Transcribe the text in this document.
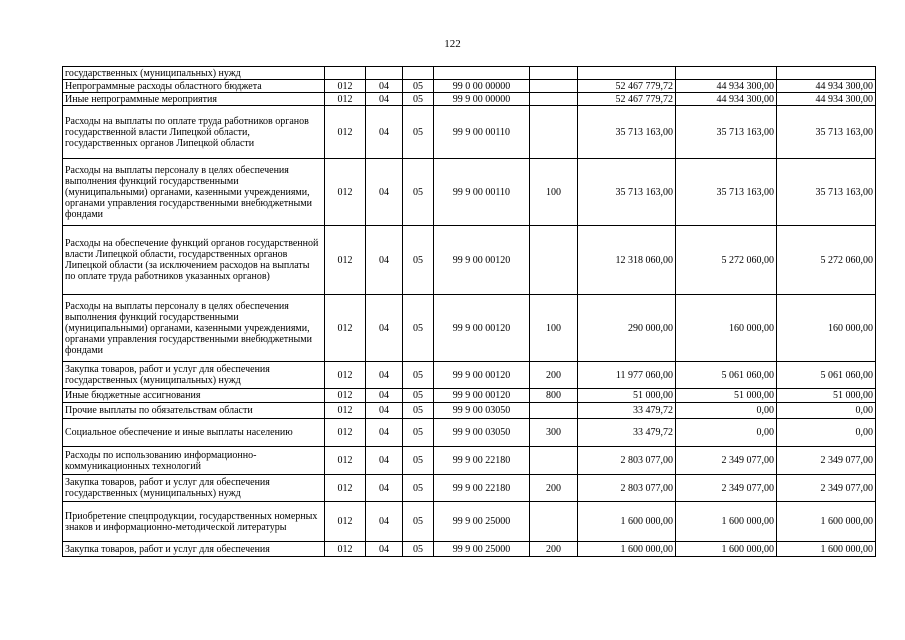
122
государственных (муниципальных) нужд								
Непрограммные расходы областного бюджета	012	04	05	99 0 00 00000		52 467 779,72	44 934 300,00	44 934 300,00
Иные непрограммные мероприятия	012	04	05	99 9 00 00000		52 467 779,72	44 934 300,00	44 934 300,00
Расходы на выплаты по оплате труда работников органов государственной власти Липецкой области, государственных органов Липецкой области	012	04	05	99 9 00 00110		35 713 163,00	35 713 163,00	35 713 163,00
Расходы на выплаты персоналу в целях обеспечения выполнения функций государственными (муниципальными) органами, казенными учреждениями, органами управления государственными внебюджетными фондами	012	04	05	99 9 00 00110	100	35 713 163,00	35 713 163,00	35 713 163,00
Расходы на обеспечение функций органов государственной власти Липецкой области, государственных органов Липецкой области (за исключением расходов на выплаты по оплате труда работников указанных органов)	012	04	05	99 9 00 00120		12 318 060,00	5 272 060,00	5 272 060,00
Расходы на выплаты персоналу в целях обеспечения выполнения функций государственными (муниципальными) органами, казенными учреждениями, органами управления государственными внебюджетными фондами	012	04	05	99 9 00 00120	100	290 000,00	160 000,00	160 000,00
Закупка товаров, работ и услуг для обеспечения государственных (муниципальных) нужд	012	04	05	99 9 00 00120	200	11 977 060,00	5 061 060,00	5 061 060,00
Иные бюджетные ассигнования	012	04	05	99 9 00 00120	800	51 000,00	51 000,00	51 000,00
Прочие выплаты по обязательствам области	012	04	05	99 9 00 03050		33 479,72	0,00	0,00
Социальное обеспечение и иные выплаты населению	012	04	05	99 9 00 03050	300	33 479,72	0,00	0,00
Расходы по использованию информационно-коммуникационных технологий	012	04	05	99 9 00 22180		2 803 077,00	2 349 077,00	2 349 077,00
Закупка товаров, работ и услуг для обеспечения государственных (муниципальных) нужд	012	04	05	99 9 00 22180	200	2 803 077,00	2 349 077,00	2 349 077,00
Приобретение спецпродукции, государственных номерных знаков и информационно-методической литературы	012	04	05	99 9 00 25000		1 600 000,00	1 600 000,00	1 600 000,00
Закупка товаров, работ и услуг для обеспечения	012	04	05	99 9 00 25000	200	1 600 000,00	1 600 000,00	1 600 000,00
